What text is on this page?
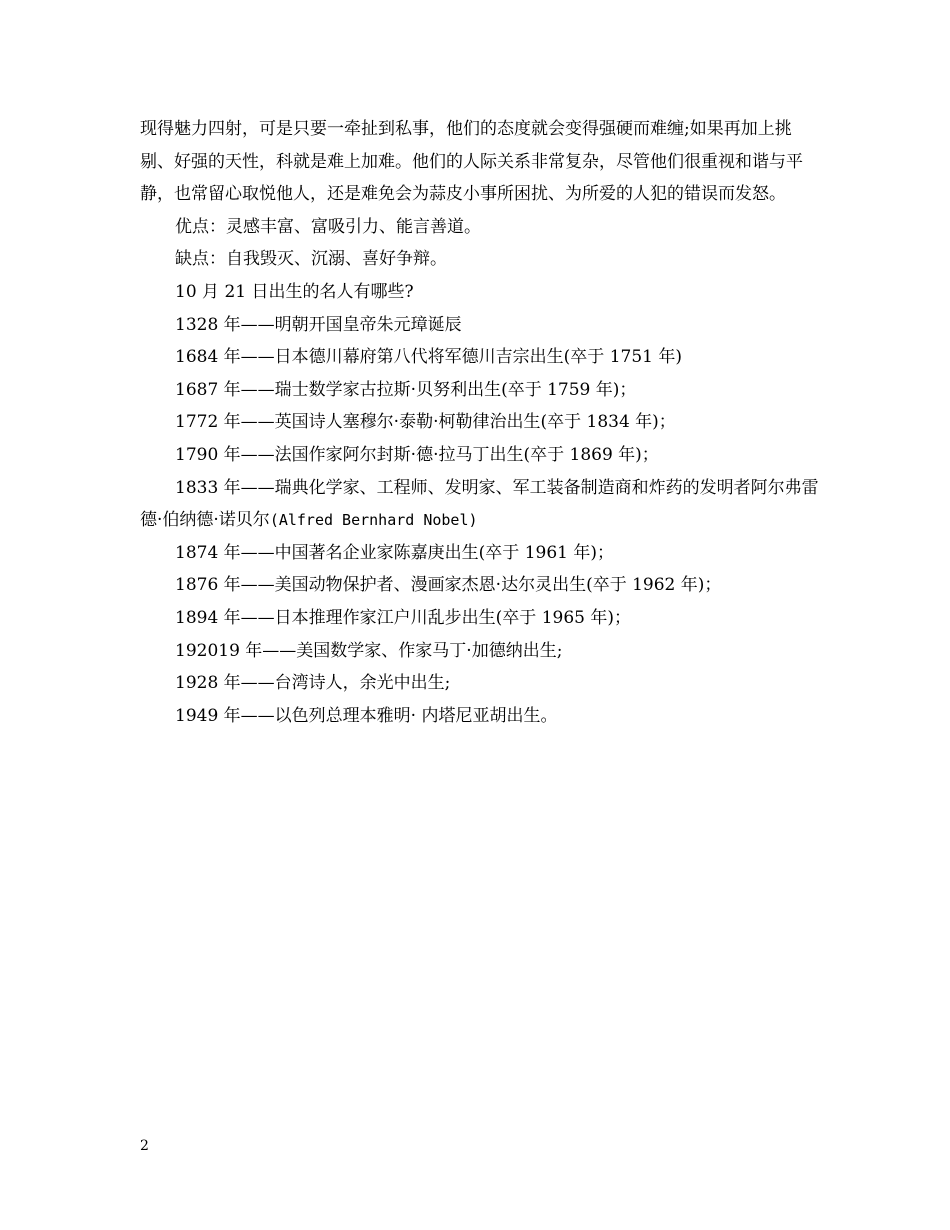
现得魅力四射，可是只要一牵扯到私事，他们的态度就会变得强硬而难缠;如果再加上挑剔、好强的天性，科就是难上加难。他们的人际关系非常复杂，尽管他们很重视和谐与平静，也常留心取悦他人，还是难免会为蒜皮小事所困扰、为所爱的人犯的错误而发怒。

优点：灵感丰富、富吸引力、能言善道。

缺点：自我毁灭、沉溺、喜好争辩。

10 月 21 日出生的名人有哪些?

1328 年——明朝开国皇帝朱元璋诞辰

1684 年——日本德川幕府第八代将军德川吉宗出生(卒于 1751 年)

1687 年——瑞士数学家古拉斯·贝努利出生(卒于 1759 年)；

1772 年——英国诗人塞穆尔·泰勒·柯勒律治出生(卒于 1834 年)；

1790 年——法国作家阿尔封斯·德·拉马丁出生(卒于 1869 年)；

1833 年——瑞典化学家、工程师、发明家、军工装备制造商和炸药的发明者阿尔弗雷德·伯纳德·诺贝尔(Alfred Bernhard Nobel)

1874 年——中国著名企业家陈嘉庚出生(卒于 1961 年)；

1876 年——美国动物保护者、漫画家杰恩·达尔灵出生(卒于 1962 年)；

1894 年——日本推理作家江户川乱步出生(卒于 1965 年)；

192019 年——美国数学家、作家马丁·加德纳出生;

1928 年——台湾诗人，余光中出生;

1949 年——以色列总理本雅明· 内塔尼亚胡出生。

2
